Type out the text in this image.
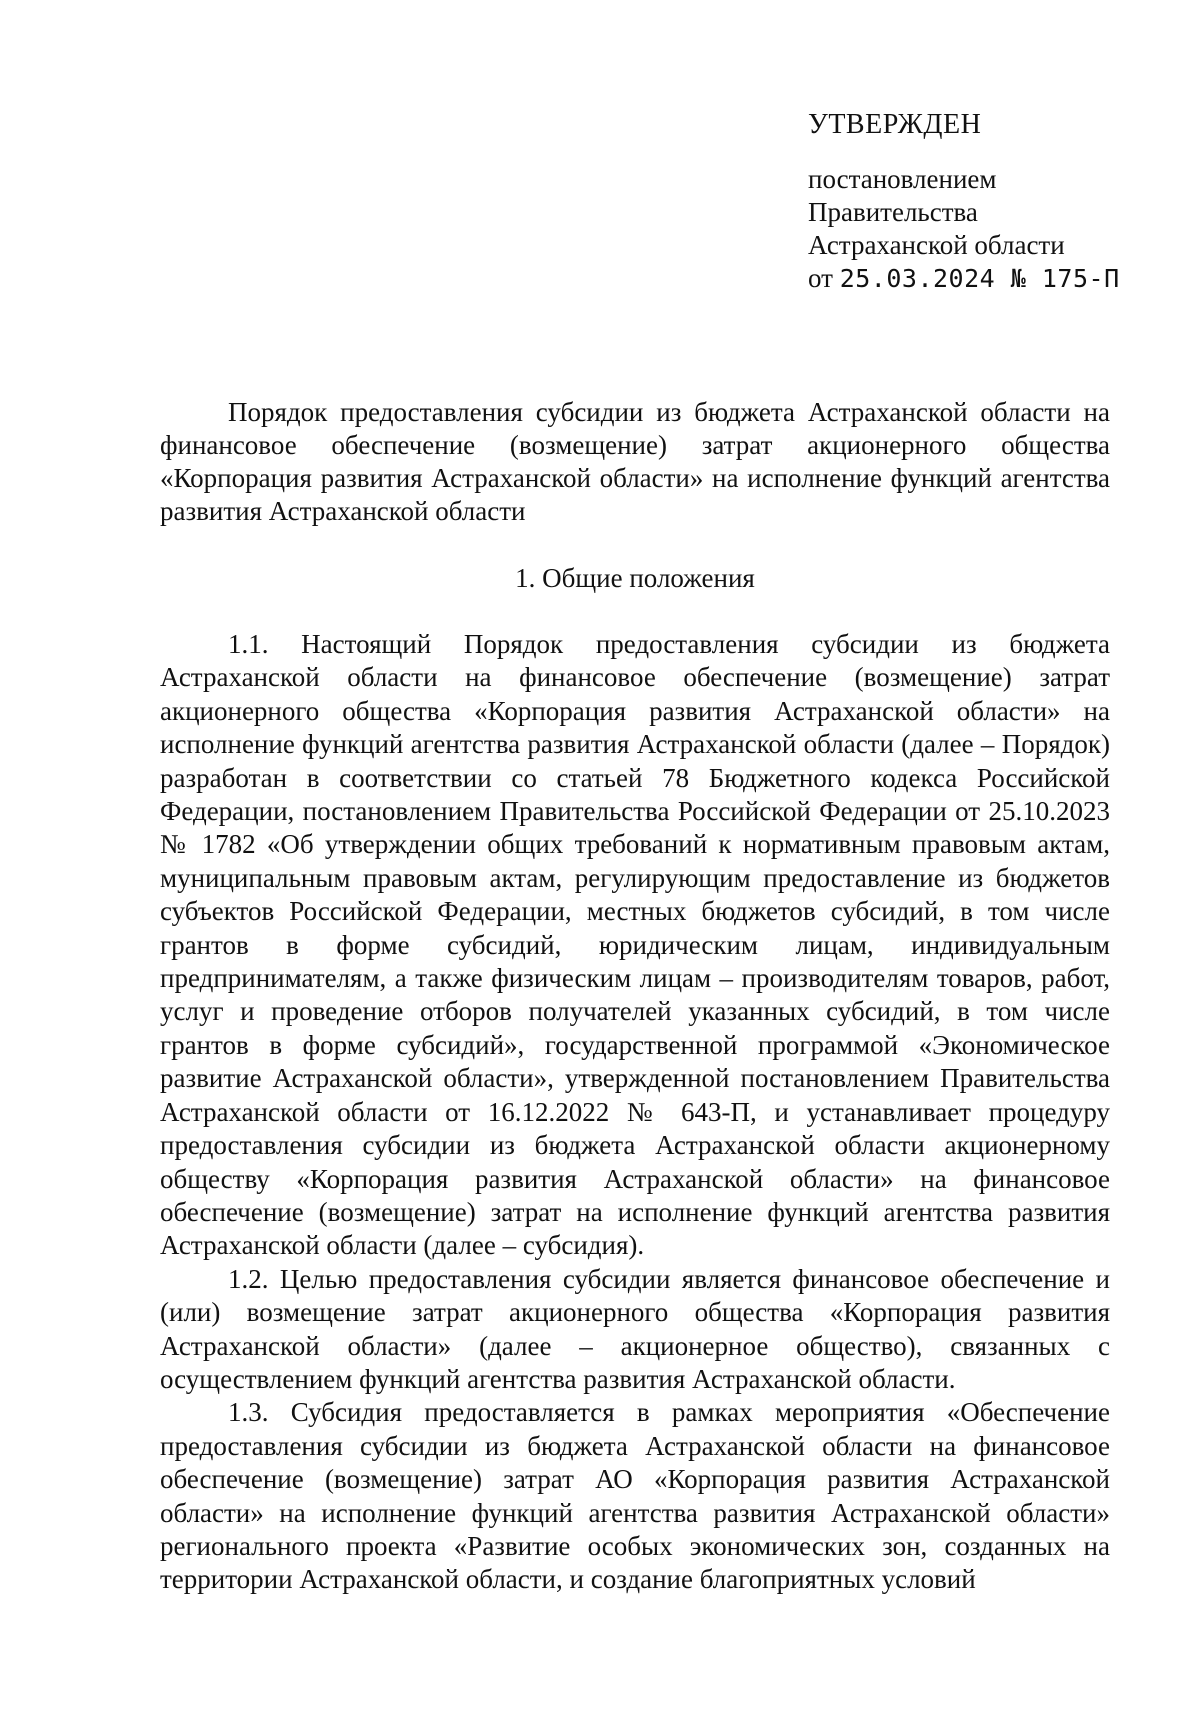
УТВЕРЖДЕН
постановлением
Правительства
Астраханской области
от 25.03.2024 № 175-П
Порядок предоставления субсидии из бюджета Астраханской области на финансовое обеспечение (возмещение) затрат акционерного общества «Корпорация развития Астраханской области» на исполнение функций агентства развития Астраханской области
1. Общие положения

1.1. Настоящий Порядок предоставления субсидии из бюджета Астраханской области на финансовое обеспечение (возмещение) затрат акционерного общества «Корпорация развития Астраханской области» на исполнение функций агентства развития Астраханской области (далее – Порядок) разработан в соответствии со статьей 78 Бюджетного кодекса Российской Федерации, постановлением Правительства Российской Федерации от 25.10.2023 № 1782 «Об утверждении общих требований к нормативным правовым актам, муниципальным правовым актам, регулирующим предоставление из бюджетов субъектов Российской Федерации, местных бюджетов субсидий, в том числе грантов в форме субсидий, юридическим лицам, индивидуальным предпринимателям, а также физическим лицам – производителям товаров, работ, услуг и проведение отборов получателей указанных субсидий, в том числе грантов в форме субсидий», государственной программой «Экономическое развитие Астраханской области», утвержденной постановлением Правительства Астраханской области от 16.12.2022 № 643-П, и устанавливает процедуру предоставления субсидии из бюджета Астраханской области акционерному обществу «Корпорация развития Астраханской области» на финансовое обеспечение (возмещение) затрат на исполнение функций агентства развития Астраханской области (далее – субсидия).

1.2. Целью предоставления субсидии является финансовое обеспечение и (или) возмещение затрат акционерного общества «Корпорация развития Астраханской области» (далее – акционерное общество), связанных с осуществлением функций агентства развития Астраханской области.

1.3. Субсидия предоставляется в рамках мероприятия «Обеспечение предоставления субсидии из бюджета Астраханской области на финансовое обеспечение (возмещение) затрат АО «Корпорация развития Астраханской области» на исполнение функций агентства развития Астраханской области» регионального проекта «Развитие особых экономических зон, созданных на территории Астраханской области, и создание благоприятных условий
